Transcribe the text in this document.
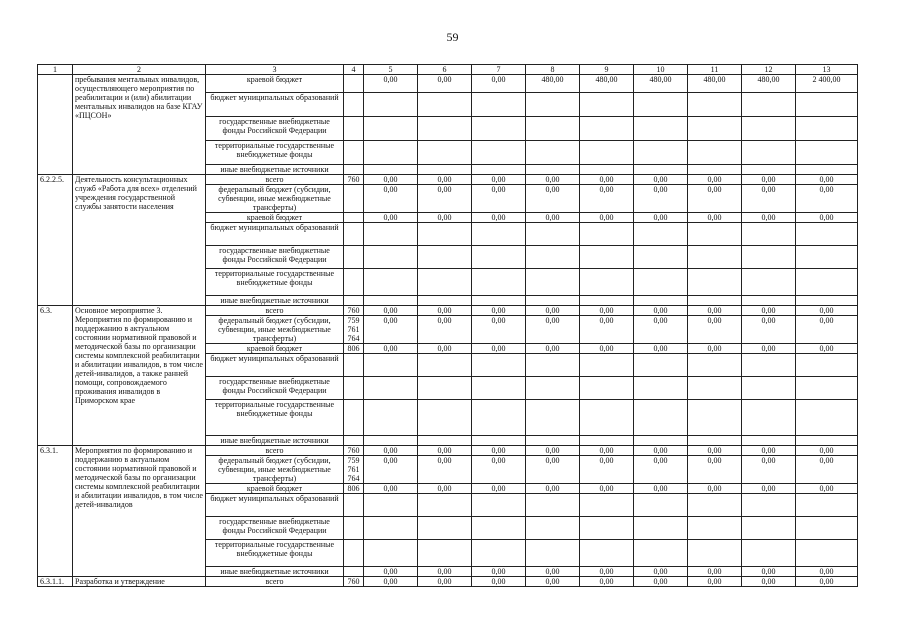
59
1	2	3	4	5	6	7	8	9	10	11	12	13
	пребывания ментальных инвалидов, осуществляющего мероприятия по реабилитации и (или) абилитации ментальных инвалидов на базе КГАУ «ПЦСОН»	краевой бюджет		0,00	0,00	0,00	480,00	480,00	480,00	480,00	480,00	2 400,00
		бюджет муниципальных образований										
		государственные внебюджетные фонды Российской Федерации										
		территориальные государственные внебюджетные фонды										
		иные внебюджетные источники										
6.2.2.5.	Деятельность консультационных служб «Работа для всех» отделений учреждения государственной службы занятости населения	всего	760	0,00	0,00	0,00	0,00	0,00	0,00	0,00	0,00	0,00
		федеральный бюджет (субсидии, субвенции, иные межбюджетные трансферты)		0,00	0,00	0,00	0,00	0,00	0,00	0,00	0,00	0,00
		краевой бюджет		0,00	0,00	0,00	0,00	0,00	0,00	0,00	0,00	0,00
		бюджет муниципальных образований										
		государственные внебюджетные фонды Российской Федерации										
		территориальные государственные внебюджетные фонды										
		иные внебюджетные источники										
6.3.	Основное мероприятие 3. Мероприятия по формированию и поддержанию в актуальном состоянии нормативной правовой и методической базы по организации системы комплексной реабилитации и абилитации инвалидов, в том числе детей-инвалидов, а также ранней помощи, сопровождаемого проживания инвалидов в Приморском крае	всего	760	0,00	0,00	0,00	0,00	0,00	0,00	0,00	0,00	0,00
		федеральный бюджет (субсидии, субвенции, иные межбюджетные трансферты)	759 761 764	0,00	0,00	0,00	0,00	0,00	0,00	0,00	0,00	0,00
		краевой бюджет	806	0,00	0,00	0,00	0,00	0,00	0,00	0,00	0,00	0,00
		бюджет муниципальных образований										
		государственные внебюджетные фонды Российской Федерации										
		территориальные государственные внебюджетные фонды										
		иные внебюджетные источники										
6.3.1.	Мероприятия по формированию и поддержанию в актуальном состоянии нормативной правовой и методической базы по организации системы комплексной реабилитации и абилитации инвалидов, в том числе детей-инвалидов	всего	760	0,00	0,00	0,00	0,00	0,00	0,00	0,00	0,00	0,00
		федеральный бюджет (субсидии, субвенции, иные межбюджетные трансферты)	759 761 764	0,00	0,00	0,00	0,00	0,00	0,00	0,00	0,00	0,00
		краевой бюджет	806	0,00	0,00	0,00	0,00	0,00	0,00	0,00	0,00	0,00
		бюджет муниципальных образований										
		государственные внебюджетные фонды Российской Федерации										
		территориальные государственные внебюджетные фонды										
		иные внебюджетные источники		0,00	0,00	0,00	0,00	0,00	0,00	0,00	0,00	0,00
6.3.1.1.	Разработка и утверждение	всего	760	0,00	0,00	0,00	0,00	0,00	0,00	0,00	0,00	0,00
